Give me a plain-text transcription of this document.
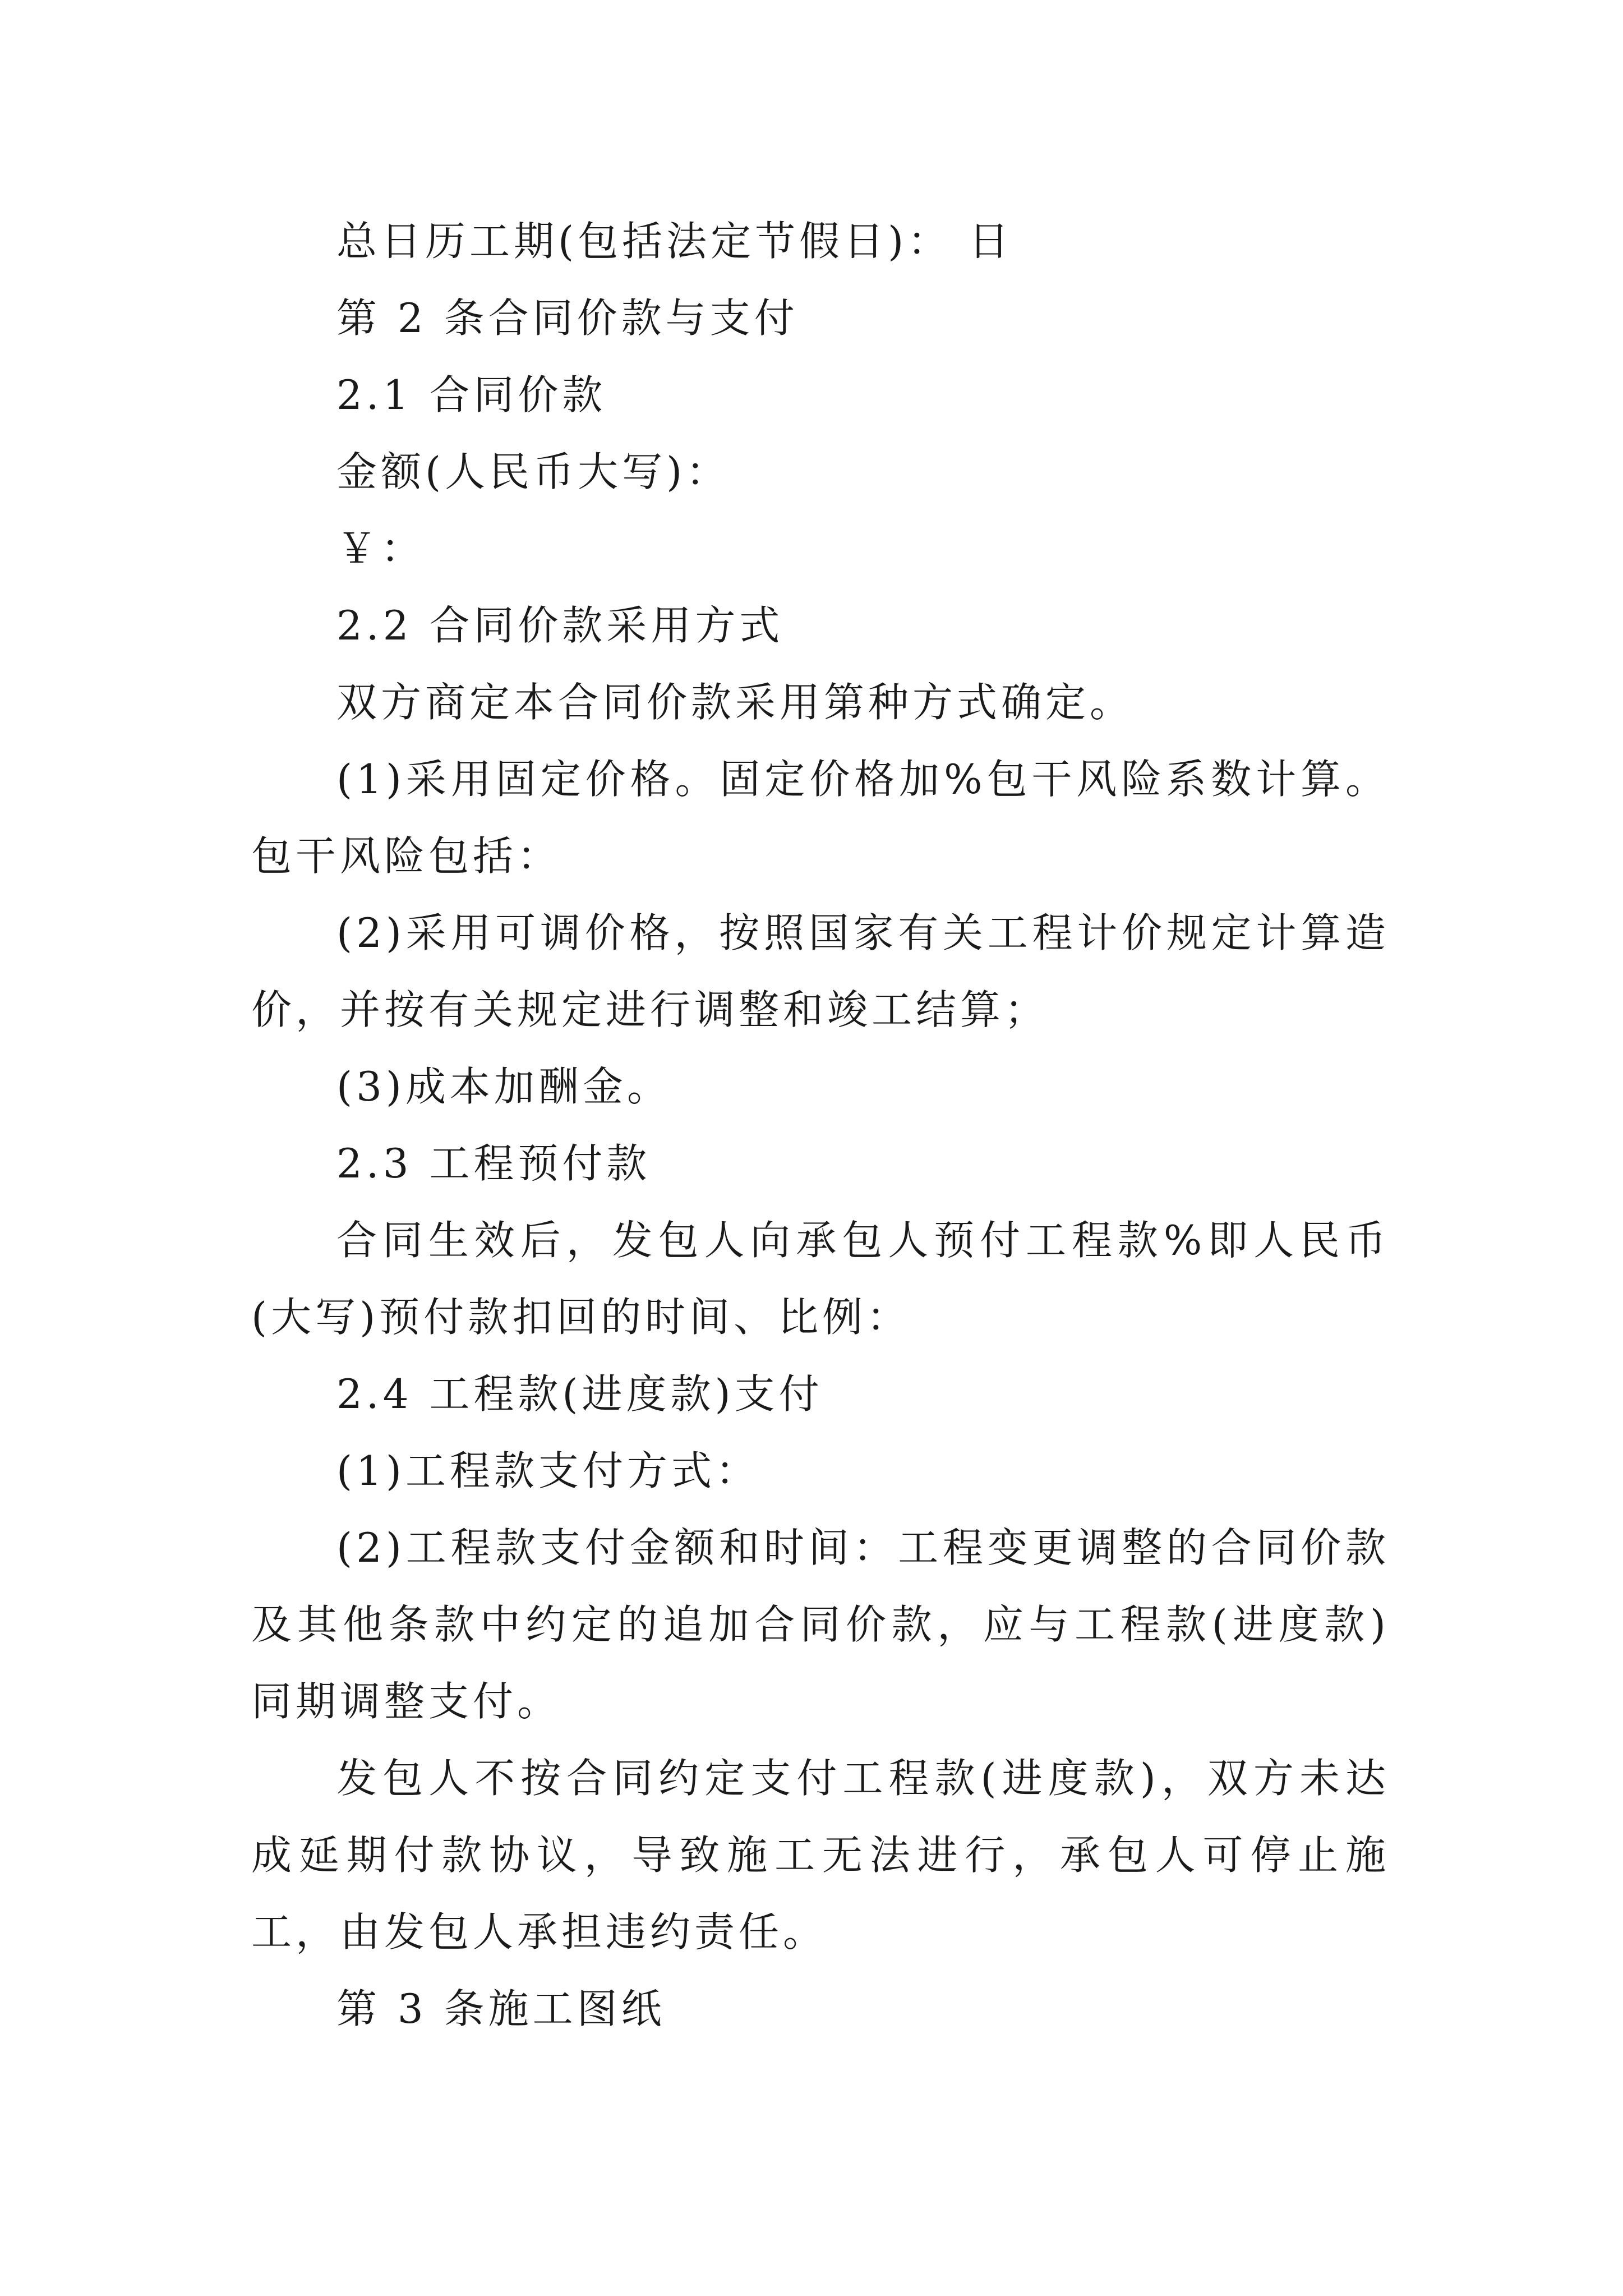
总日历工期(包括法定节假日)： 日

第 2 条合同价款与支付

2.1 合同价款

金额(人民币大写)：

￥：

2.2 合同价款采用方式

双方商定本合同价款采用第种方式确定。

(1)采用固定价格。固定价格加%包干风险系数计算。包干风险包括：

(2)采用可调价格，按照国家有关工程计价规定计算造价，并按有关规定进行调整和竣工结算；

(3)成本加酬金。

2.3 工程预付款

合同生效后，发包人向承包人预付工程款%即人民币(大写)预付款扣回的时间、比例：

2.4 工程款(进度款)支付

(1)工程款支付方式：

(2)工程款支付金额和时间：工程变更调整的合同价款及其他条款中约定的追加合同价款，应与工程款(进度款)同期调整支付。

发包人不按合同约定支付工程款(进度款)，双方未达成延期付款协议，导致施工无法进行，承包人可停止施工，由发包人承担违约责任。

第 3 条施工图纸
